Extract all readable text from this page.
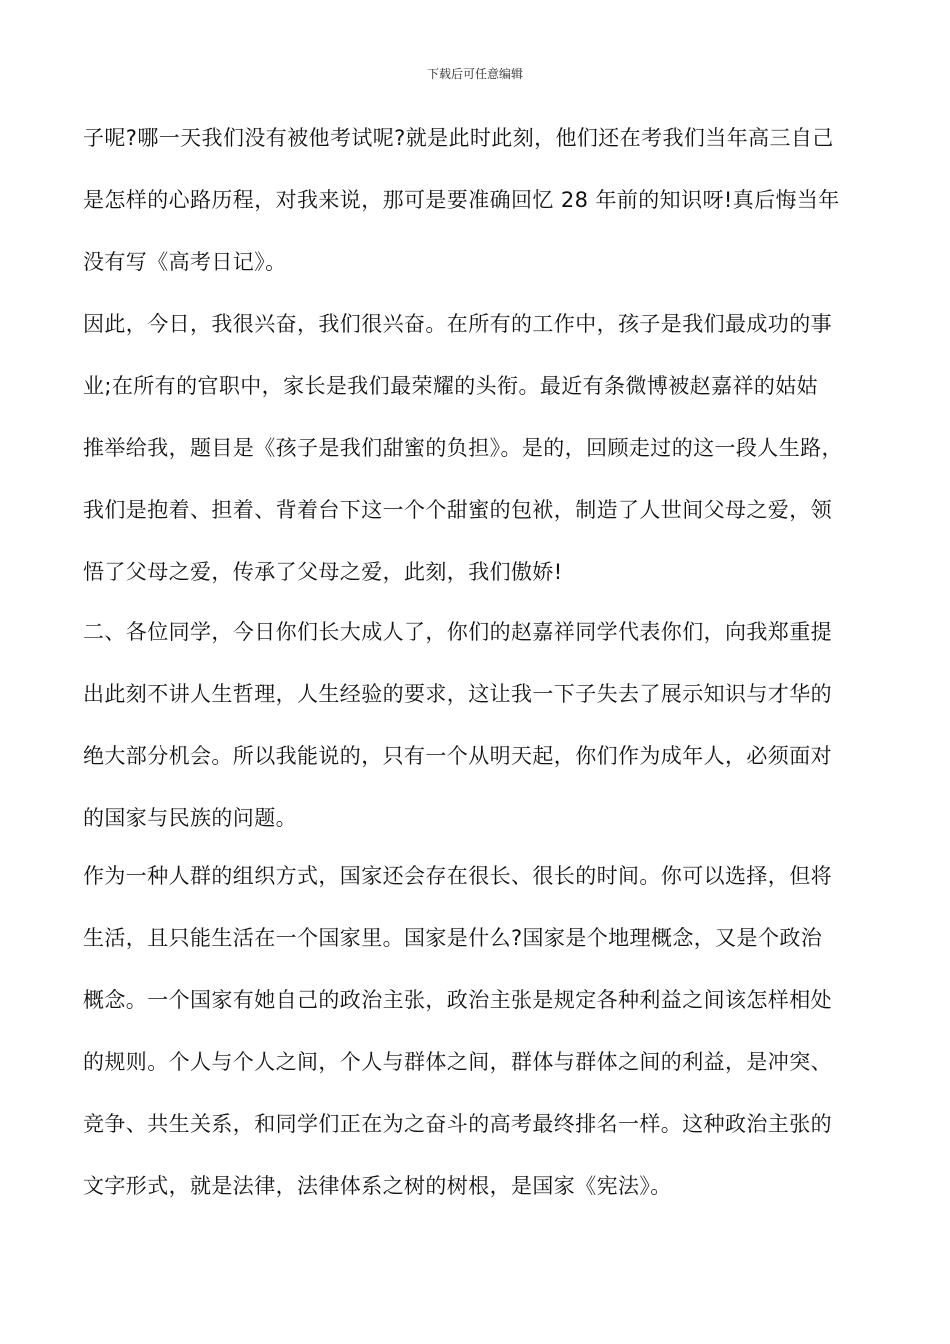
下载后可任意编辑
子呢?哪一天我们没有被他考试呢?就是此时此刻，他们还在考我们当年高三自己
是怎样的心路历程，对我来说，那可是要准确回忆 28 年前的知识呀!真后悔当年
没有写《高考日记》。
因此，今日，我很兴奋，我们很兴奋。在所有的工作中，孩子是我们最成功的事
业;在所有的官职中，家长是我们最荣耀的头衔。最近有条微博被赵嘉祥的姑姑
推举给我，题目是《孩子是我们甜蜜的负担》。是的，回顾走过的这一段人生路，
我们是抱着、担着、背着台下这一个个甜蜜的包袱，制造了人世间父母之爱，领
悟了父母之爱，传承了父母之爱，此刻，我们傲娇!
二、各位同学，今日你们长大成人了，你们的赵嘉祥同学代表你们，向我郑重提
出此刻不讲人生哲理，人生经验的要求，这让我一下子失去了展示知识与才华的
绝大部分机会。所以我能说的，只有一个从明天起，你们作为成年人，必须面对
的国家与民族的问题。
作为一种人群的组织方式，国家还会存在很长、很长的时间。你可以选择，但将
生活，且只能生活在一个国家里。国家是什么?国家是个地理概念，又是个政治
概念。一个国家有她自己的政治主张，政治主张是规定各种利益之间该怎样相处
的规则。个人与个人之间，个人与群体之间，群体与群体之间的利益，是冲突、
竞争、共生关系，和同学们正在为之奋斗的高考最终排名一样。这种政治主张的
文字形式，就是法律，法律体系之树的树根，是国家《宪法》。
